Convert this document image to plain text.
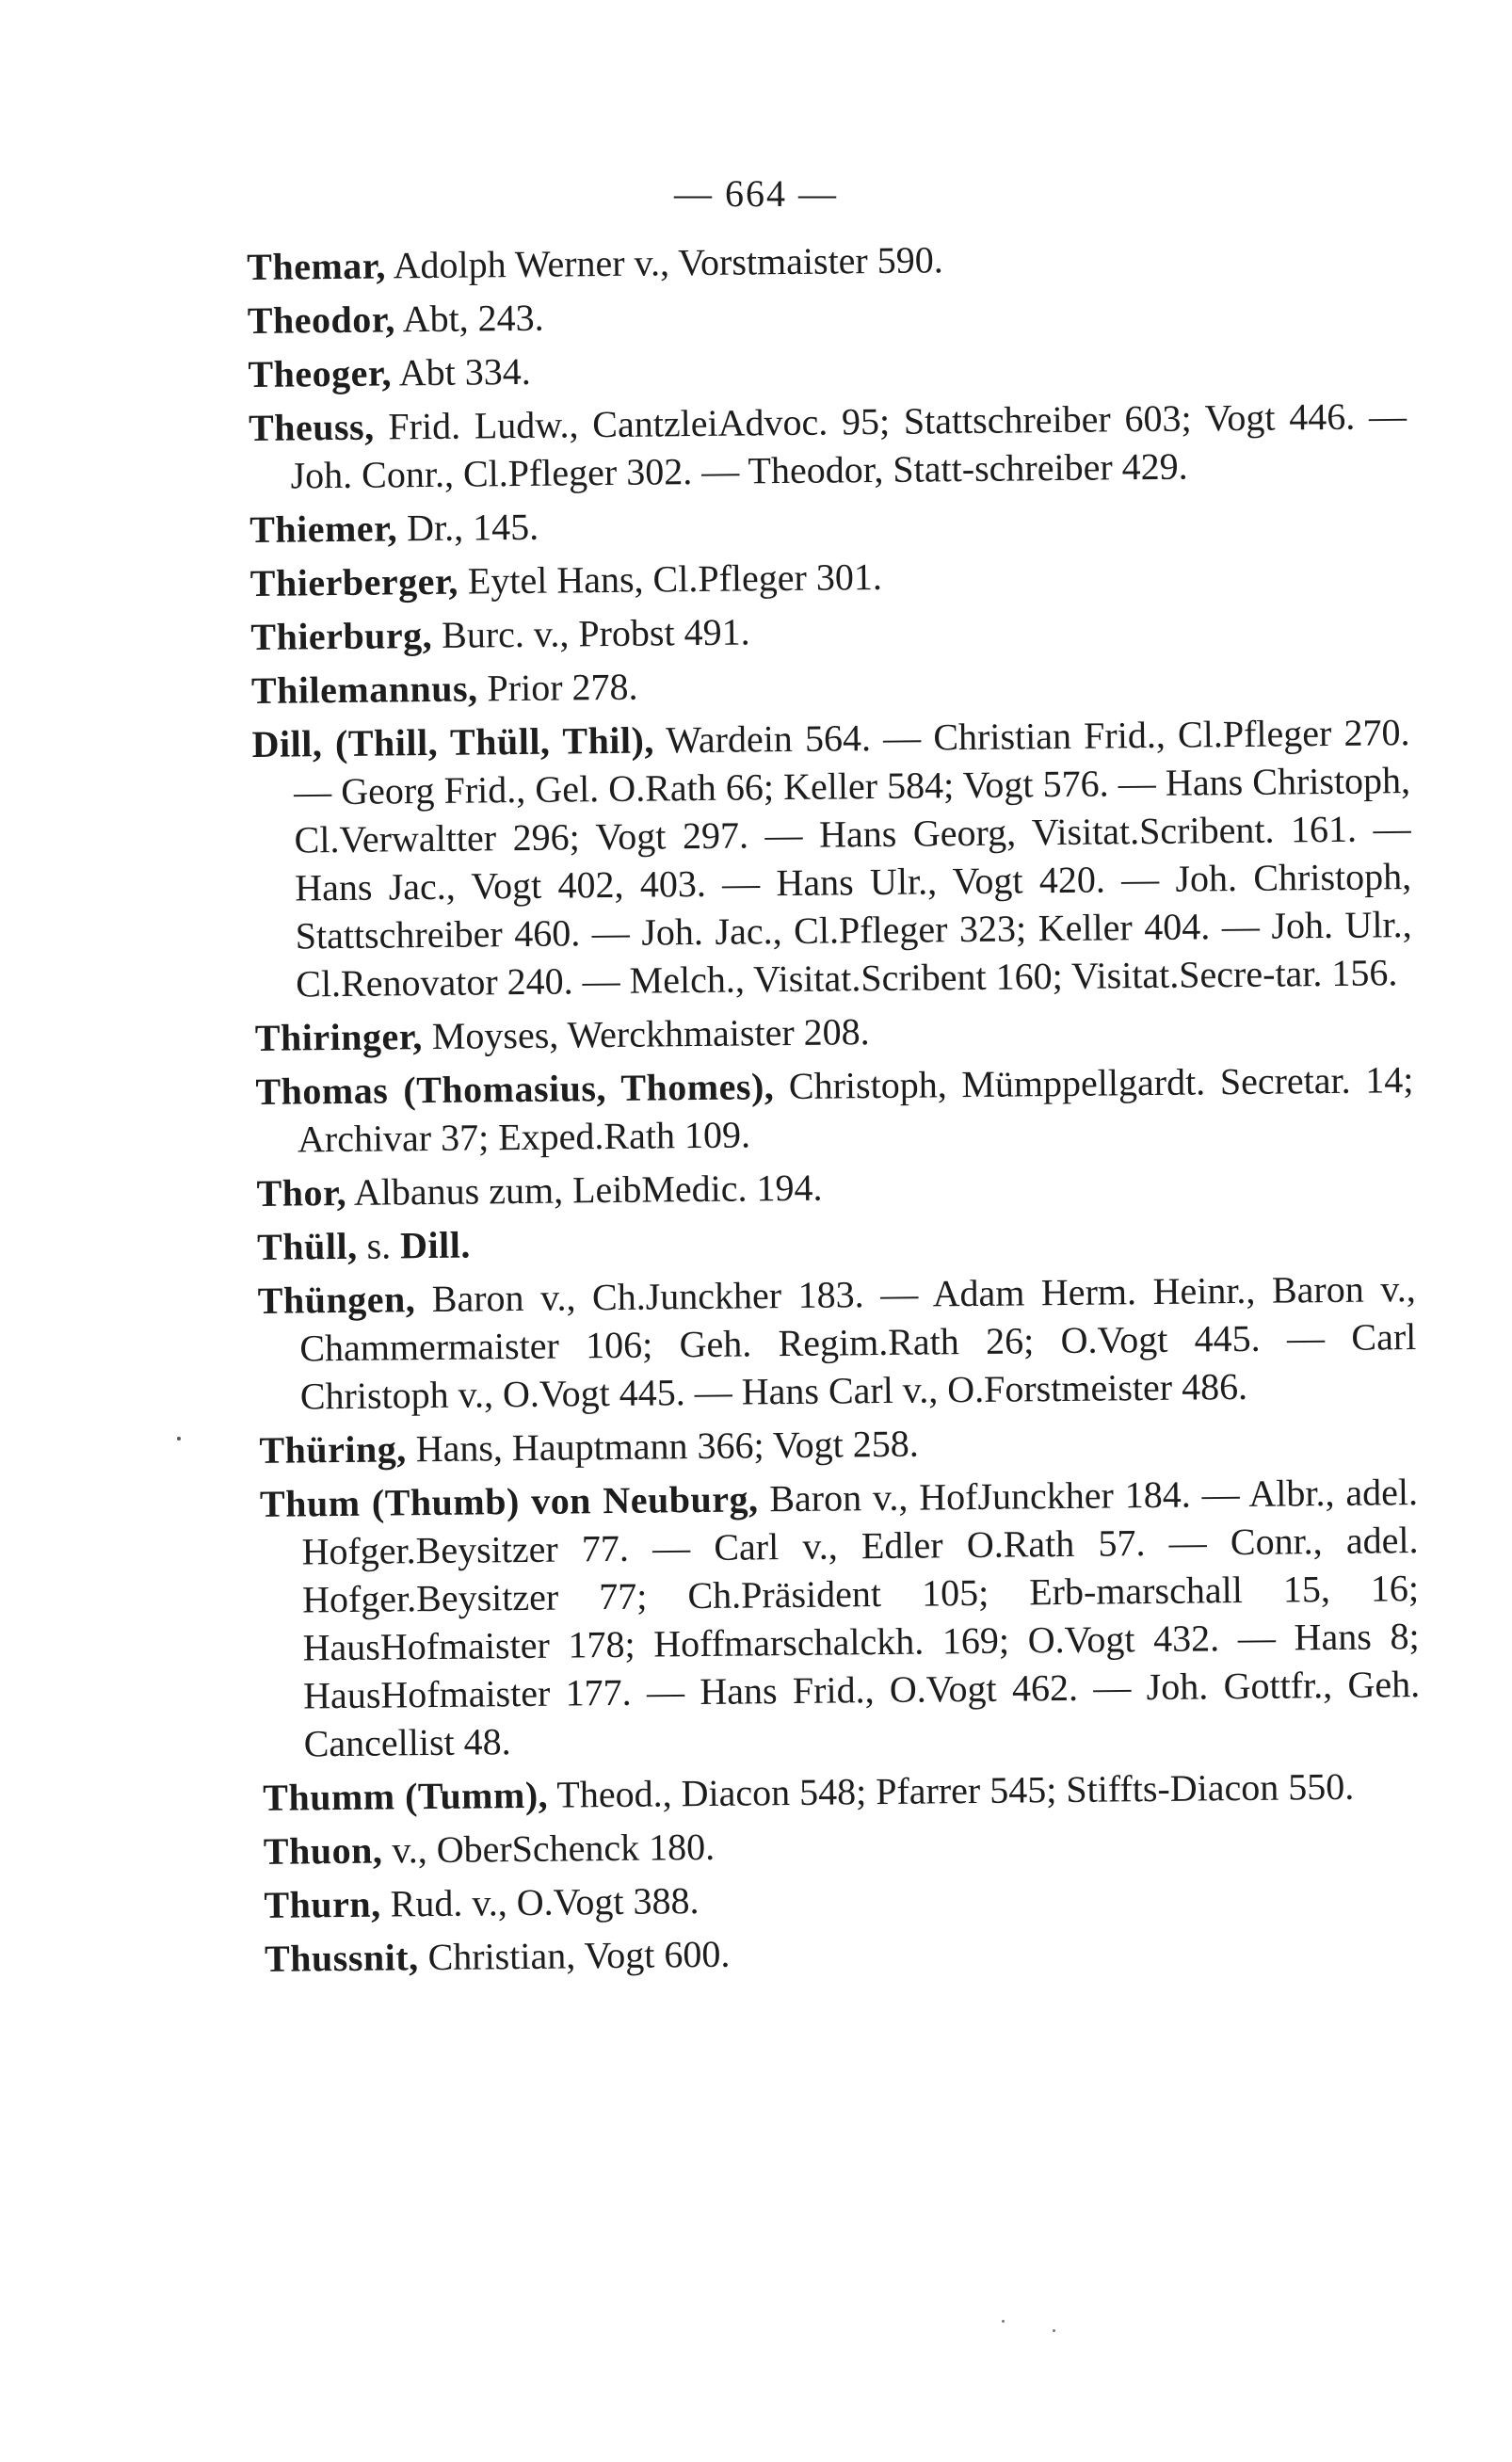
— 664 —

Themar, Adolph Werner v., Vorstmaister 590.

Theodor, Abt, 243.

Theoger, Abt 334.

Theuss, Frid. Ludw., CantzleiAdvoc. 95; Stattschreiber 603; Vogt 446. — Joh. Conr., Cl.Pfleger 302. — Theodor, Statt-schreiber 429.

Thiemer, Dr., 145.

Thierberger, Eytel Hans, Cl.Pfleger 301.

Thierburg, Burc. v., Probst 491.

Thilemannus, Prior 278.

Dill, (Thill, Thüll, Thil), Wardein 564. — Christian Frid., Cl.Pfleger 270. — Georg Frid., Gel. O.Rath 66; Keller 584; Vogt 576. — Hans Christoph, Cl.Verwaltter 296; Vogt 297. — Hans Georg, Visitat.Scribent. 161. — Hans Jac., Vogt 402, 403. — Hans Ulr., Vogt 420. — Joh. Christoph, Stattschreiber 460. — Joh. Jac., Cl.Pfleger 323; Keller 404. — Joh. Ulr., Cl.Renovator 240. — Melch., Visitat.Scribent 160; Visitat.Secre-tar. 156.

Thiringer, Moyses, Werckhmaister 208.

Thomas (Thomasius, Thomes), Christoph, Mümppellgardt. Secretar. 14; Archivar 37; Exped.Rath 109.

Thor, Albanus zum, LeibMedic. 194.

Thüll, s. Dill.

Thüngen, Baron v., Ch.Junckher 183. — Adam Herm. Heinr., Baron v., Chammermaister 106; Geh. Regim.Rath 26; O.Vogt 445. — Carl Christoph v., O.Vogt 445. — Hans Carl v., O.Forstmeister 486.

Thüring, Hans, Hauptmann 366; Vogt 258.

Thum (Thumb) von Neuburg, Baron v., HofJunckher 184. — Albr., adel. Hofger.Beysitzer 77. — Carl v., Edler O.Rath 57. — Conr., adel. Hofger.Beysitzer 77; Ch.Präsident 105; Erb-marschall 15, 16; HausHofmaister 178; Hoffmarschalckh. 169; O.Vogt 432. — Hans 8; HausHofmaister 177. — Hans Frid., O.Vogt 462. — Joh. Gottfr., Geh. Cancellist 48.

Thumm (Tumm), Theod., Diacon 548; Pfarrer 545; Stiffts-Diacon 550.

Thuon, v., OberSchenck 180.

Thurn, Rud. v., O.Vogt 388.

Thussnit, Christian, Vogt 600.
